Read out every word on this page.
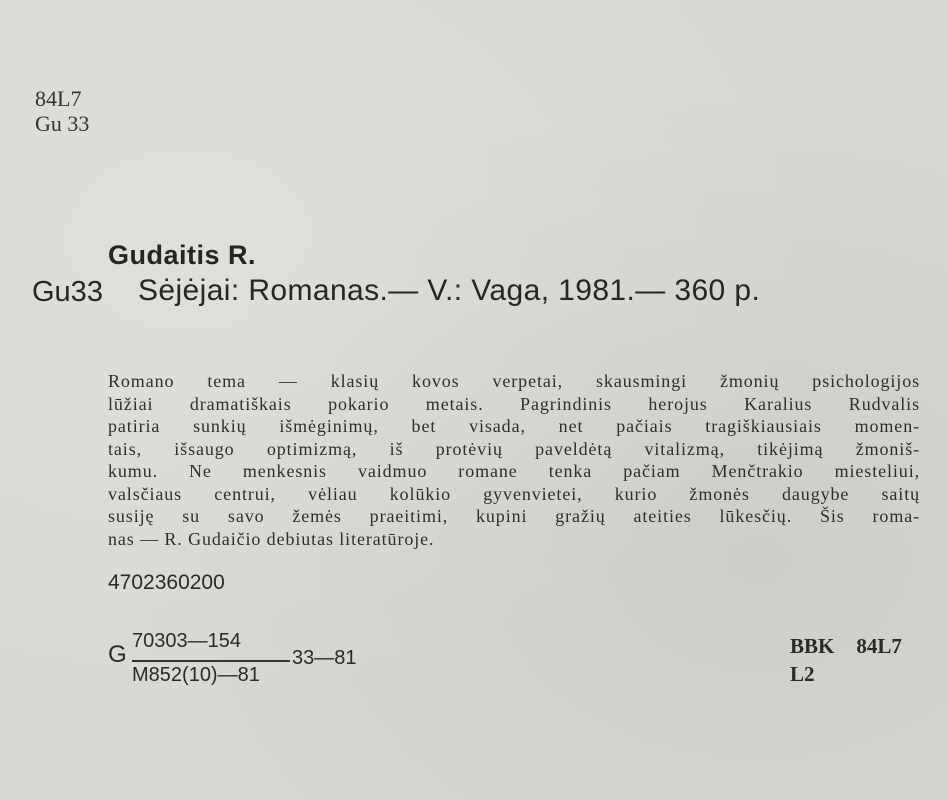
84L7
Gu 33
Gudaitis R.
Gu33 Sėjėjai: Romanas.— V.: Vaga, 1981.— 360 p.
Romano tema — klasių kovos verpetai, skausmingi žmonių psichologijos
lūžiai dramatiškais pokario metais. Pagrindinis herojus Karalius Rudvalis
patiria sunkių išmėginimų, bet visada, net pačiais tragiškiausiais momen-
tais, išsaugo optimizmą, iš protėvių paveldėtą vitalizmą, tikėjimą žmoniš-
kumu. Ne menkesnis vaidmuo romane tenka pačiam Menčtrakio miesteliui,
valsčiaus centrui, vėliau kolūkio gyvenvietei, kurio žmonės daugybe saitų
susiję su savo žemės praeitimi, kupini gražių ateities lūkesčių. Šis roma-
nas — R. Gudaičio debiutas literatūroje.
4702360200
G 70303—154
M852(10)—81
33—81	BBK 84L7
L2
